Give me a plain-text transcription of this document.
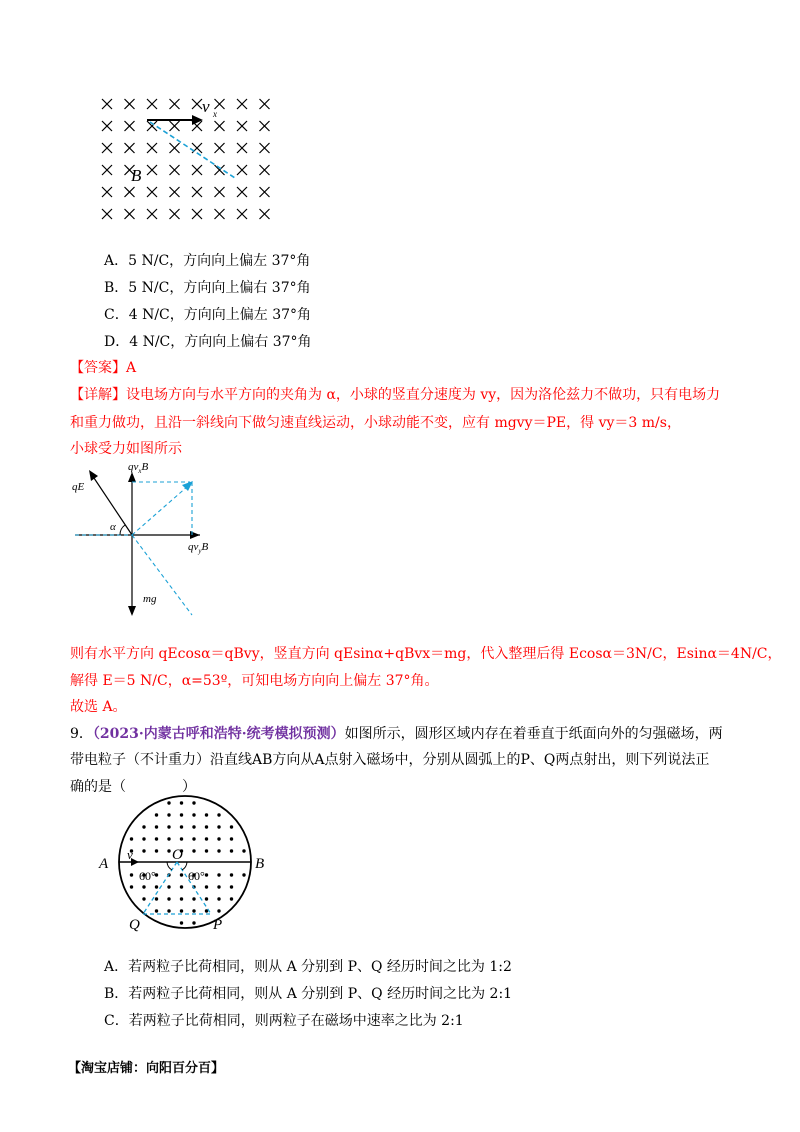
v x
B
A．5 N/C，方向向上偏左 37°角
B．5 N/C，方向向上偏右 37°角
C．4 N/C，方向向上偏左 37°角
D．4 N/C，方向向上偏右 37°角
【答案】A
【详解】设电场方向与水平方向的夹角为 α，小球的竖直分速度为 vy，因为洛伦兹力不做功，只有电场力
和重力做功，且沿一斜线向下做匀速直线运动，小球动能不变，应有 mgvy＝PE，得 vy＝3 m/s，
小球受力如图所示
qE
$qv_xB$
$qv_yB$
α
mg
则有水平方向 qEcosα＝qBvy，竖直方向 qEsinα+qBvx＝mg，代入整理后得 Ecosα＝3N/C，Esinα＝4N/C，
解得 E＝5 N/C，α=53º，可知电场方向向上偏左 37°角。
故选 A。
9．（2023·内蒙古呼和浩特·统考模拟预测）如图所示，圆形区域内存在着垂直于纸面向外的匀强磁场，两
带电粒子（不计重力）沿直线AB方向从A点射入磁场中，分别从圆弧上的P、Q两点射出，则下列说法正
确的是（　　　　）
A	B
O
v
60°	60°
P
Q
A．若两粒子比荷相同，则从 A 分别到 P、Q 经历时间之比为 1:2
B．若两粒子比荷相同，则从 A 分别到 P、Q 经历时间之比为 2:1
C．若两粒子比荷相同，则两粒子在磁场中速率之比为 2:1
【淘宝店铺：向阳百分百】
